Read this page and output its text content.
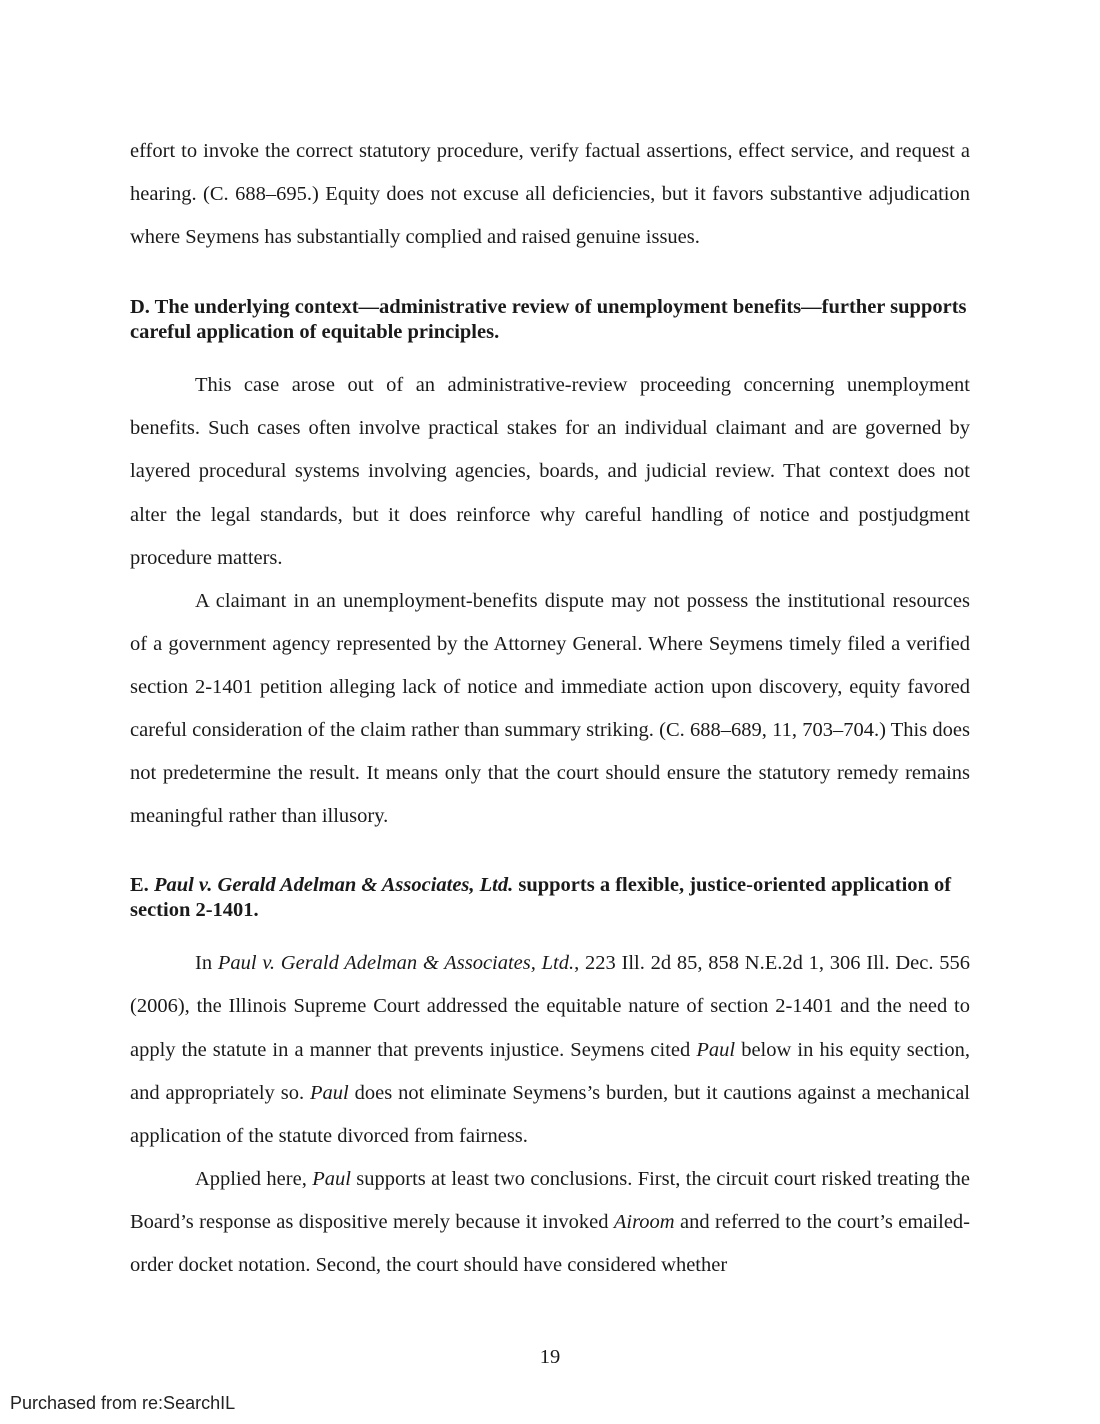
effort to invoke the correct statutory procedure, verify factual assertions, effect service, and request a hearing. (C. 688–695.) Equity does not excuse all deficiencies, but it favors substantive adjudication where Seymens has substantially complied and raised genuine issues.

D. The underlying context—administrative review of unemployment benefits—further supports careful application of equitable principles.

This case arose out of an administrative-review proceeding concerning unemployment benefits. Such cases often involve practical stakes for an individual claimant and are governed by layered procedural systems involving agencies, boards, and judicial review. That context does not alter the legal standards, but it does reinforce why careful handling of notice and postjudgment procedure matters.

A claimant in an unemployment-benefits dispute may not possess the institutional resources of a government agency represented by the Attorney General. Where Seymens timely filed a verified section 2-1401 petition alleging lack of notice and immediate action upon discovery, equity favored careful consideration of the claim rather than summary striking. (C. 688–689, 11, 703–704.) This does not predetermine the result. It means only that the court should ensure the statutory remedy remains meaningful rather than illusory.

E. Paul v. Gerald Adelman & Associates, Ltd. supports a flexible, justice-oriented application of section 2-1401.

In Paul v. Gerald Adelman & Associates, Ltd., 223 Ill. 2d 85, 858 N.E.2d 1, 306 Ill. Dec. 556 (2006), the Illinois Supreme Court addressed the equitable nature of section 2-1401 and the need to apply the statute in a manner that prevents injustice. Seymens cited Paul below in his equity section, and appropriately so. Paul does not eliminate Seymens’s burden, but it cautions against a mechanical application of the statute divorced from fairness.

Applied here, Paul supports at least two conclusions. First, the circuit court risked treating the Board’s response as dispositive merely because it invoked Airoom and referred to the court’s emailed-order docket notation. Second, the court should have considered whether

19
Purchased from re:SearchIL
